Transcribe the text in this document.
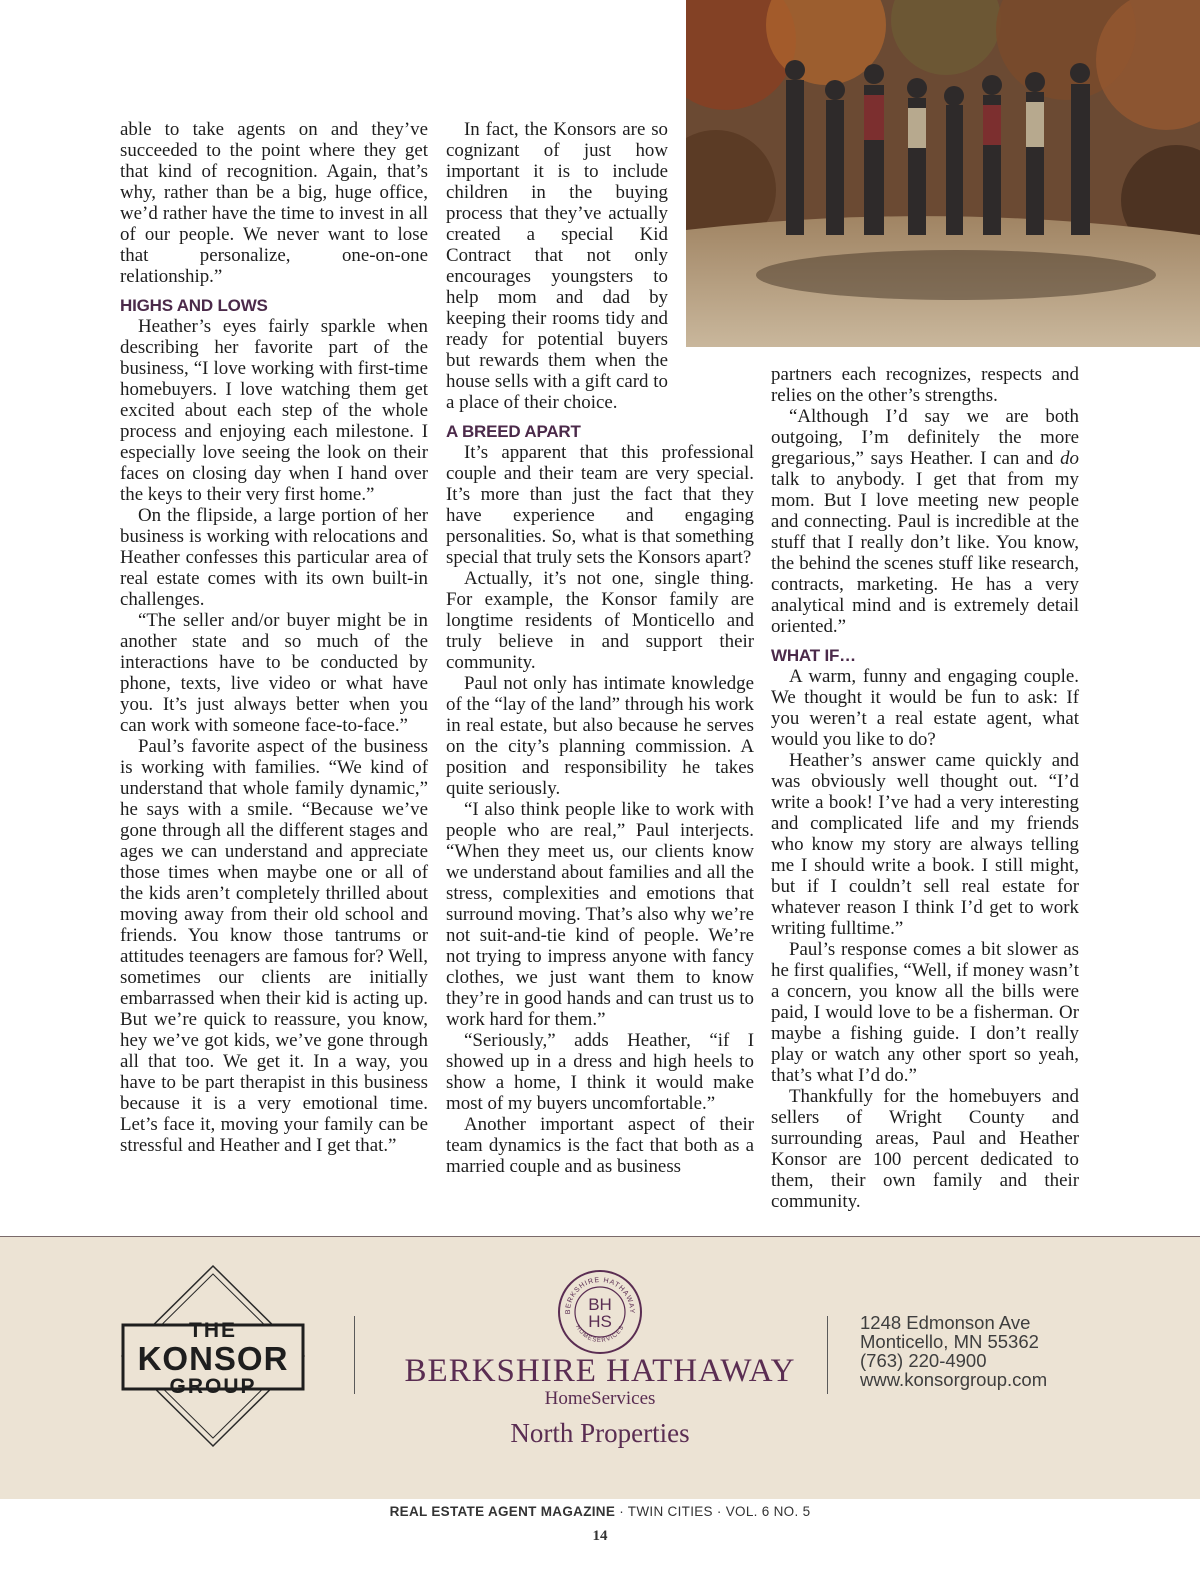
able to take agents on and they’ve succeeded to the point where they get that kind of recognition. Again, that’s why, rather than be a big, huge office, we’d rather have the time to invest in all of our people. We never want to lose that personalize, one-on-one relationship.”

HIGHS AND LOWS

Heather’s eyes fairly sparkle when describing her favorite part of the business, “I love working with first-time homebuyers. I love watching them get excited about each step of the whole process and enjoying each milestone. I especially love seeing the look on their faces on closing day when I hand over the keys to their very first home.”

On the flipside, a large portion of her business is working with relocations and Heather confesses this particular area of real estate comes with its own built-in challenges.

“The seller and/or buyer might be in another state and so much of the interactions have to be conducted by phone, texts, live video or what have you. It’s just always better when you can work with someone face-to-face.”

Paul’s favorite aspect of the business is working with families. “We kind of understand that whole family dynamic,” he says with a smile. “Because we’ve gone through all the different stages and ages we can understand and appreciate those times when maybe one or all of the kids aren’t completely thrilled about moving away from their old school and friends. You know those tantrums or attitudes teenagers are famous for? Well, sometimes our clients are initially embarrassed when their kid is acting up. But we’re quick to reassure, you know, hey we’ve got kids, we’ve gone through all that too. We get it. In a way, you have to be part therapist in this business because it is a very emotional time. Let’s face it, moving your family can be stressful and Heather and I get that.”

In fact, the Konsors are so cognizant of just how important it is to include children in the buying process that they’ve actually created a special Kid Contract that not only encourages youngsters to help mom and dad by keeping their rooms tidy and ready for potential buyers but rewards them when the house sells with a gift card to a place of their choice.

A BREED APART

It’s apparent that this professional couple and their team are very special. It’s more than just the fact that they have experience and engaging personalities. So, what is that something special that truly sets the Konsors apart?

Actually, it’s not one, single thing. For example, the Konsor family are longtime residents of Monticello and truly believe in and support their community.

Paul not only has intimate knowledge of the “lay of the land” through his work in real estate, but also because he serves on the city’s planning commission. A position and responsibility he takes quite seriously.

“I also think people like to work with people who are real,” Paul interjects. “When they meet us, our clients know we understand about families and all the stress, complexities and emotions that surround moving. That’s also why we’re not suit-and-tie kind of people. We’re not trying to impress anyone with fancy clothes, we just want them to know they’re in good hands and can trust us to work hard for them.”

“Seriously,” adds Heather, “if I showed up in a dress and high heels to show a home, I think it would make most of my buyers uncomfortable.”

Another important aspect of their team dynamics is the fact that both as a married couple and as business

partners each recognizes, respects and relies on the other’s strengths.

“Although I’d say we are both outgoing, I’m definitely the more gregarious,” says Heather. I can and do talk to anybody. I get that from my mom. But I love meeting new people and connecting. Paul is incredible at the stuff that I really don’t like. You know, the behind the scenes stuff like research, contracts, marketing. He has a very analytical mind and is extremely detail oriented.”

WHAT IF…

A warm, funny and engaging couple. We thought it would be fun to ask: If you weren’t a real estate agent, what would you like to do?

Heather’s answer came quickly and was obviously well thought out. “I’d write a book! I’ve had a very interesting and complicated life and my friends who know my story are always telling me I should write a book. I still might, but if I couldn’t sell real estate for whatever reason I think I’d get to work writing fulltime.”

Paul’s response comes a bit slower as he first qualifies, “Well, if money wasn’t a concern, you know all the bills were paid, I would love to be a fisherman. Or maybe a fishing guide. I don’t really play or watch any other sport so yeah, that’s what I’d do.”

Thankfully for the homebuyers and sellers of Wright County and surrounding areas, Paul and Heather Konsor are 100 percent dedicated to them, their own family and their community.

THE
KONSOR
GROUP
BERKSHIRE HATHAWAY
HOMESERVICES
BH
HS
BERKSHIRE HATHAWAY
HomeServices
North Properties
1248 Edmonson Ave
Monticello, MN 55362
(763) 220-4900
www.konsorgroup.com
REAL ESTATE AGENT MAGAZINE · TWIN CITIES · VOL. 6 NO. 5
14
